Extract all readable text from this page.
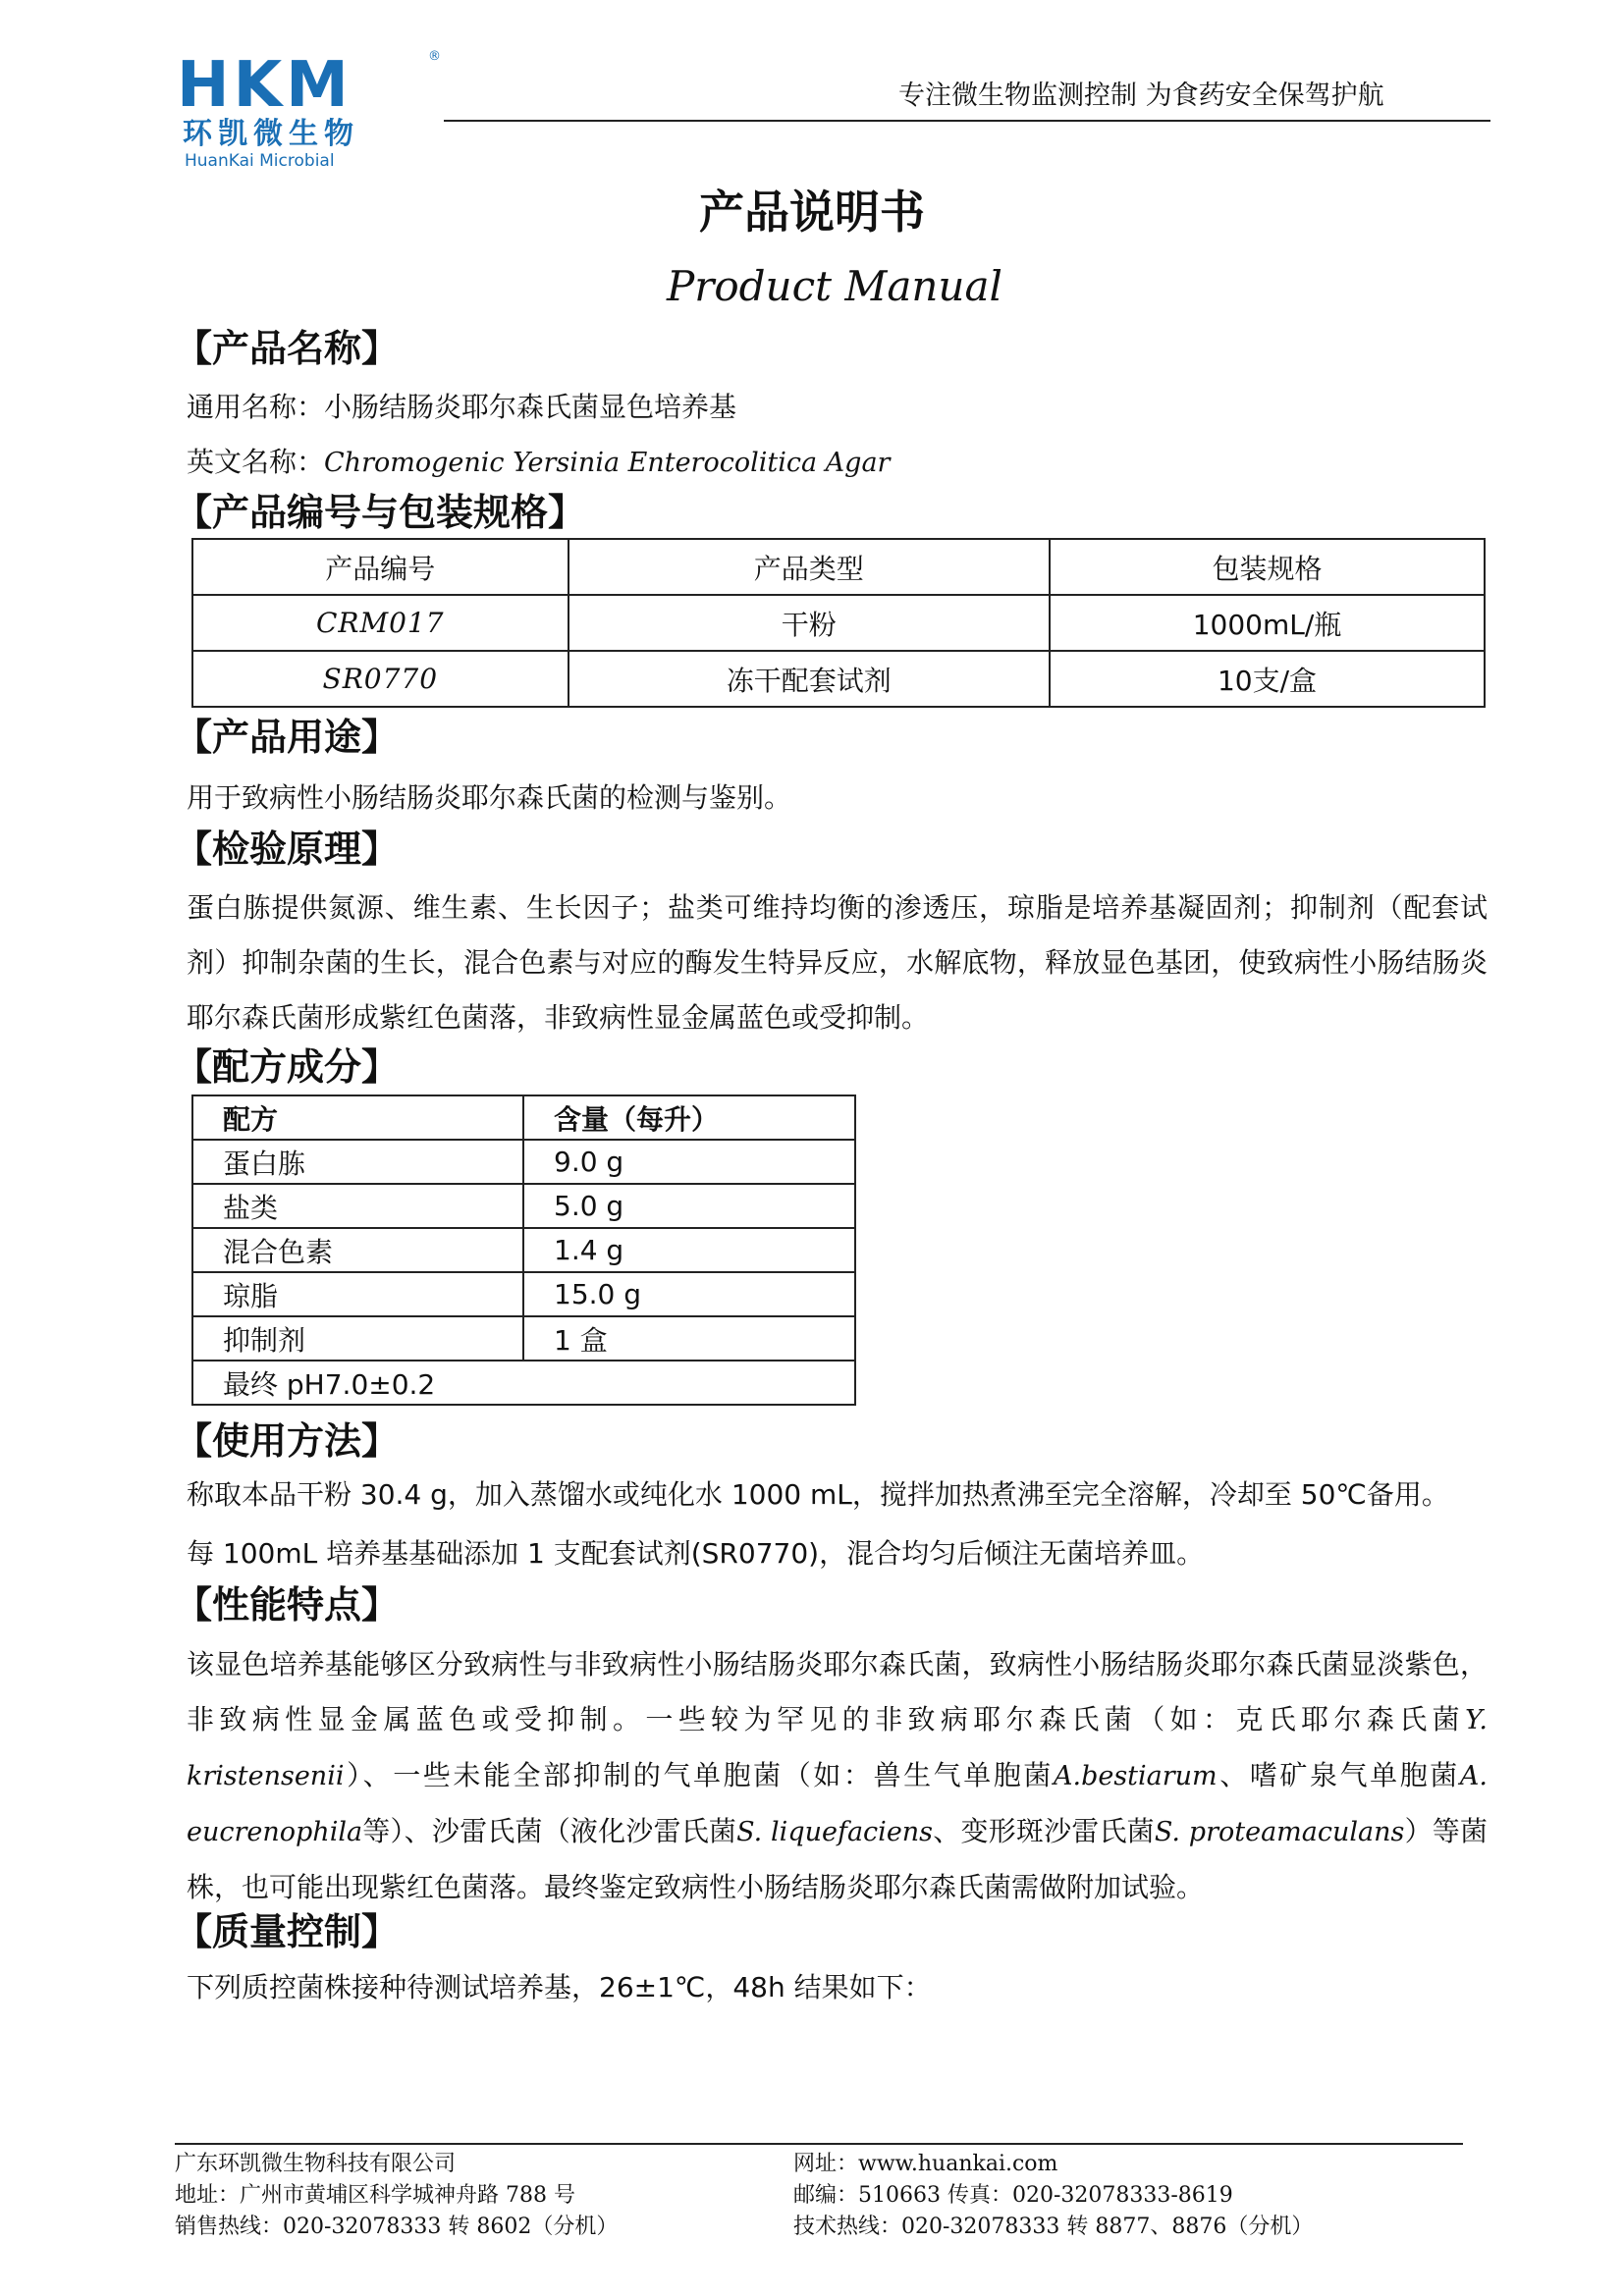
HKM	®
环凯微生物
HuanKai Microbial
专注微生物监测控制 为食药安全保驾护航
产品说明书
Product Manual
【产品名称】
通用名称：小肠结肠炎耶尔森氏菌显色培养基
英文名称：Chromogenic Yersinia Enterocolitica Agar
【产品编号与包装规格】
产品编号	产品类型	包装规格
CRM017	干粉	1000mL/瓶
SR0770	冻干配套试剂	10支/盒
【产品用途】
用于致病性小肠结肠炎耶尔森氏菌的检测与鉴别。
【检验原理】
蛋白胨提供氮源、维生素、生长因子；盐类可维持均衡的渗透压，琼脂是培养基凝固剂；抑制剂（配套试剂）抑制杂菌的生长，混合色素与对应的酶发生特异反应，水解底物，释放显色基团，使致病性小肠结肠炎耶尔森氏菌形成紫红色菌落，非致病性显金属蓝色或受抑制。
【配方成分】
配方	含量（每升）
蛋白胨	9.0 g
盐类	5.0 g
混合色素	1.4 g
琼脂	15.0 g
抑制剂	1 盒
最终 pH7.0±0.2	
【使用方法】
称取本品干粉 30.4 g，加入蒸馏水或纯化水 1000 mL，搅拌加热煮沸至完全溶解，冷却至 50℃备用。
每 100mL 培养基基础添加 1 支配套试剂(SR0770)，混合均匀后倾注无菌培养皿。
【性能特点】
该显色培养基能够区分致病性与非致病性小肠结肠炎耶尔森氏菌，致病性小肠结肠炎耶尔森氏菌显淡紫色，非致病性显金属蓝色或受抑制。一些较为罕见的非致病耶尔森氏菌（如：克氏耶尔森氏菌Y. kristensenii）、一些未能全部抑制的气单胞菌（如：兽生气单胞菌A.bestiarum、嗜矿泉气单胞菌A. eucrenophila等）、沙雷氏菌（液化沙雷氏菌S. liquefaciens、变形斑沙雷氏菌S. proteamaculans）等菌株，也可能出现紫红色菌落。最终鉴定致病性小肠结肠炎耶尔森氏菌需做附加试验。
【质量控制】
下列质控菌株接种待测试培养基，26±1℃，48h 结果如下：
广东环凯微生物科技有限公司	网址：www.huankai.com
地址：广州市黄埔区科学城神舟路 788 号	邮编：510663 传真：020-32078333-8619
销售热线：020-32078333 转 8602（分机）	技术热线：020-32078333 转 8877、8876（分机）
